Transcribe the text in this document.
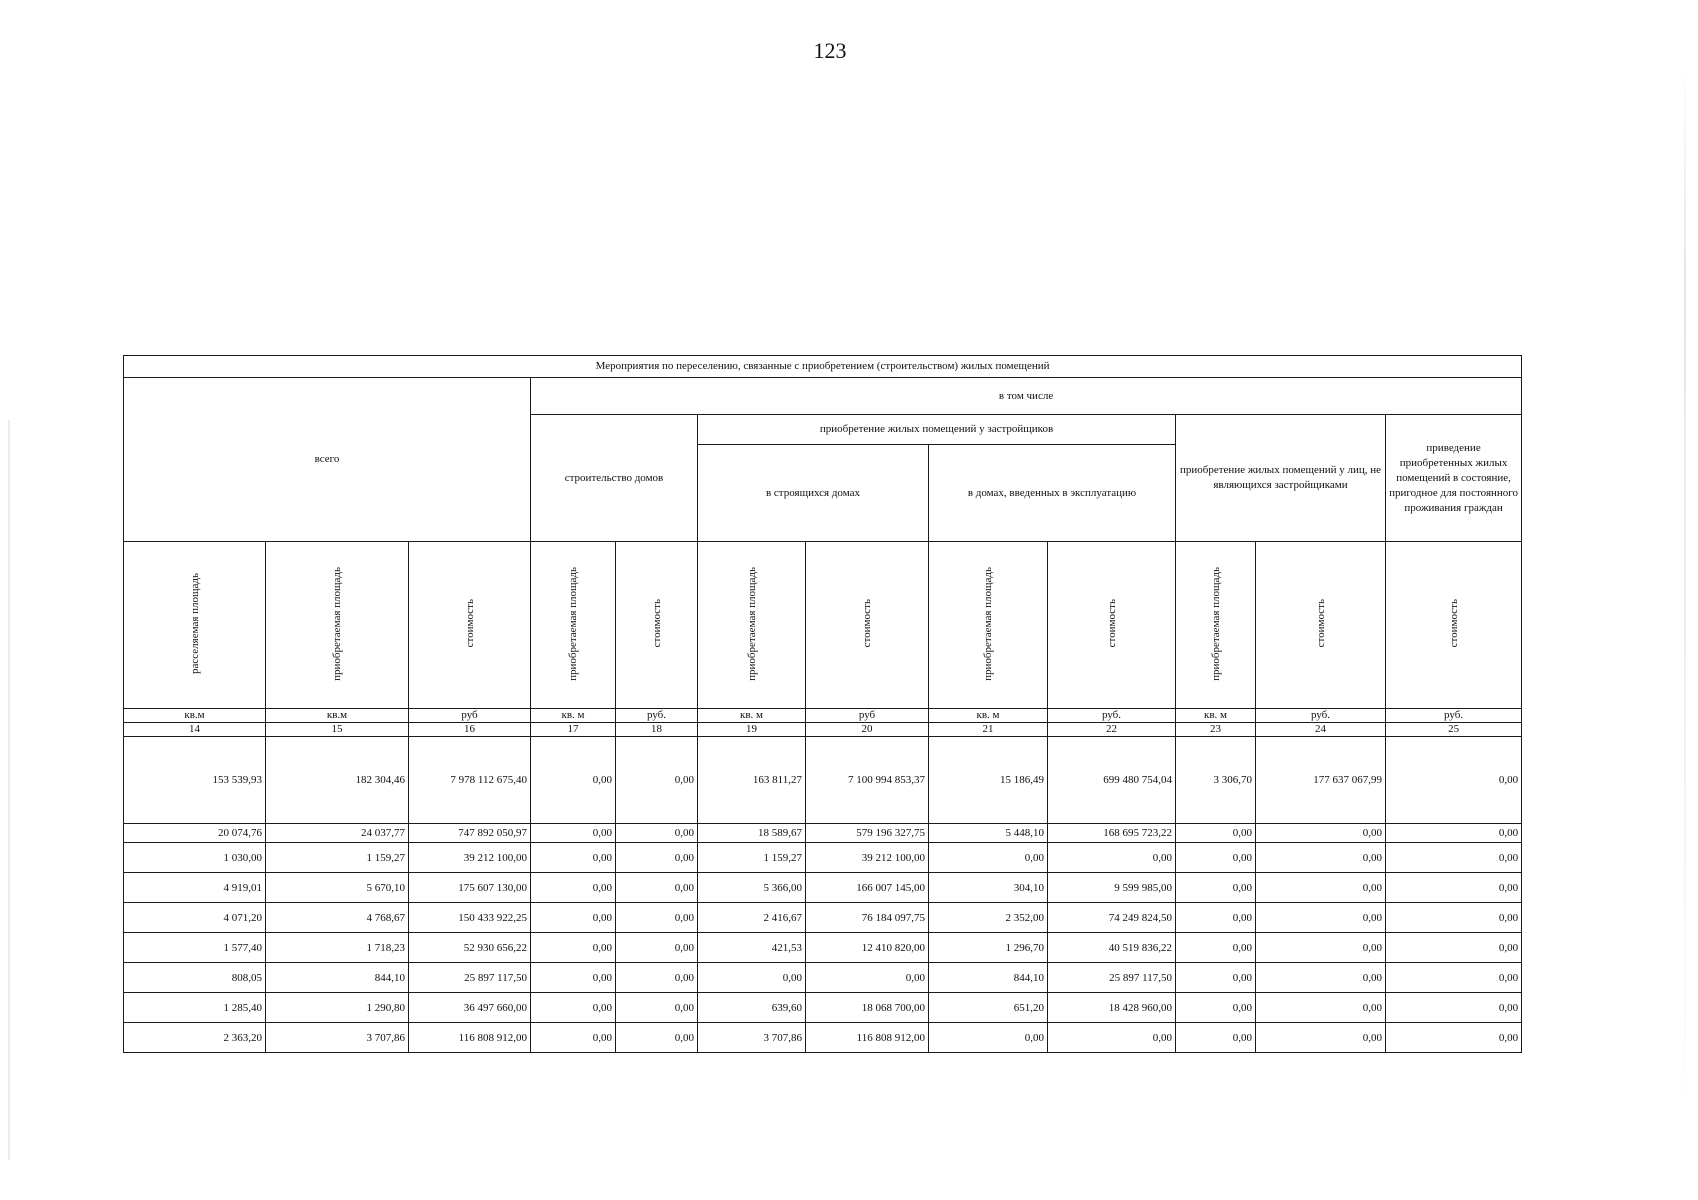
123
Мероприятия по переселению, связанные с приобретением (строительством) жилых помещений											
всего			в том числе								
			строительство домов		приобретение жилых помещений у застройщиков				приобретение жилых помещений у лиц, не являющихся застройщиками		приведение приобретенных жилых помещений в состояние, пригодное для постоянного проживания граждан
					в строящихся домах		в домах, введенных в эксплуатацию				

расселяемая площадь	приобретаемая площадь	стоимость	приобретаемая площадь	стоимость	приобретаемая площадь	стоимость	приобретаемая площадь	стоимость	приобретаемая площадь	стоимость	стоимость
кв.м	кв.м	руб	кв. м	руб.	кв. м	руб	кв. м	руб.	кв. м	руб.	руб.
14	15	16	17	18	19	20	21	22	23	24	25
153 539,93	182 304,46	7 978 112 675,40	0,00	0,00	163 811,27	7 100 994 853,37	15 186,49	699 480 754,04	3 306,70	177 637 067,99	0,00
20 074,76	24 037,77	747 892 050,97	0,00	0,00	18 589,67	579 196 327,75	5 448,10	168 695 723,22	0,00	0,00	0,00
1 030,00	1 159,27	39 212 100,00	0,00	0,00	1 159,27	39 212 100,00	0,00	0,00	0,00	0,00	0,00
4 919,01	5 670,10	175 607 130,00	0,00	0,00	5 366,00	166 007 145,00	304,10	9 599 985,00	0,00	0,00	0,00
4 071,20	4 768,67	150 433 922,25	0,00	0,00	2 416,67	76 184 097,75	2 352,00	74 249 824,50	0,00	0,00	0,00
1 577,40	1 718,23	52 930 656,22	0,00	0,00	421,53	12 410 820,00	1 296,70	40 519 836,22	0,00	0,00	0,00
808,05	844,10	25 897 117,50	0,00	0,00	0,00	0,00	844,10	25 897 117,50	0,00	0,00	0,00
1 285,40	1 290,80	36 497 660,00	0,00	0,00	639,60	18 068 700,00	651,20	18 428 960,00	0,00	0,00	0,00
2 363,20	3 707,86	116 808 912,00	0,00	0,00	3 707,86	116 808 912,00	0,00	0,00	0,00	0,00	0,00
